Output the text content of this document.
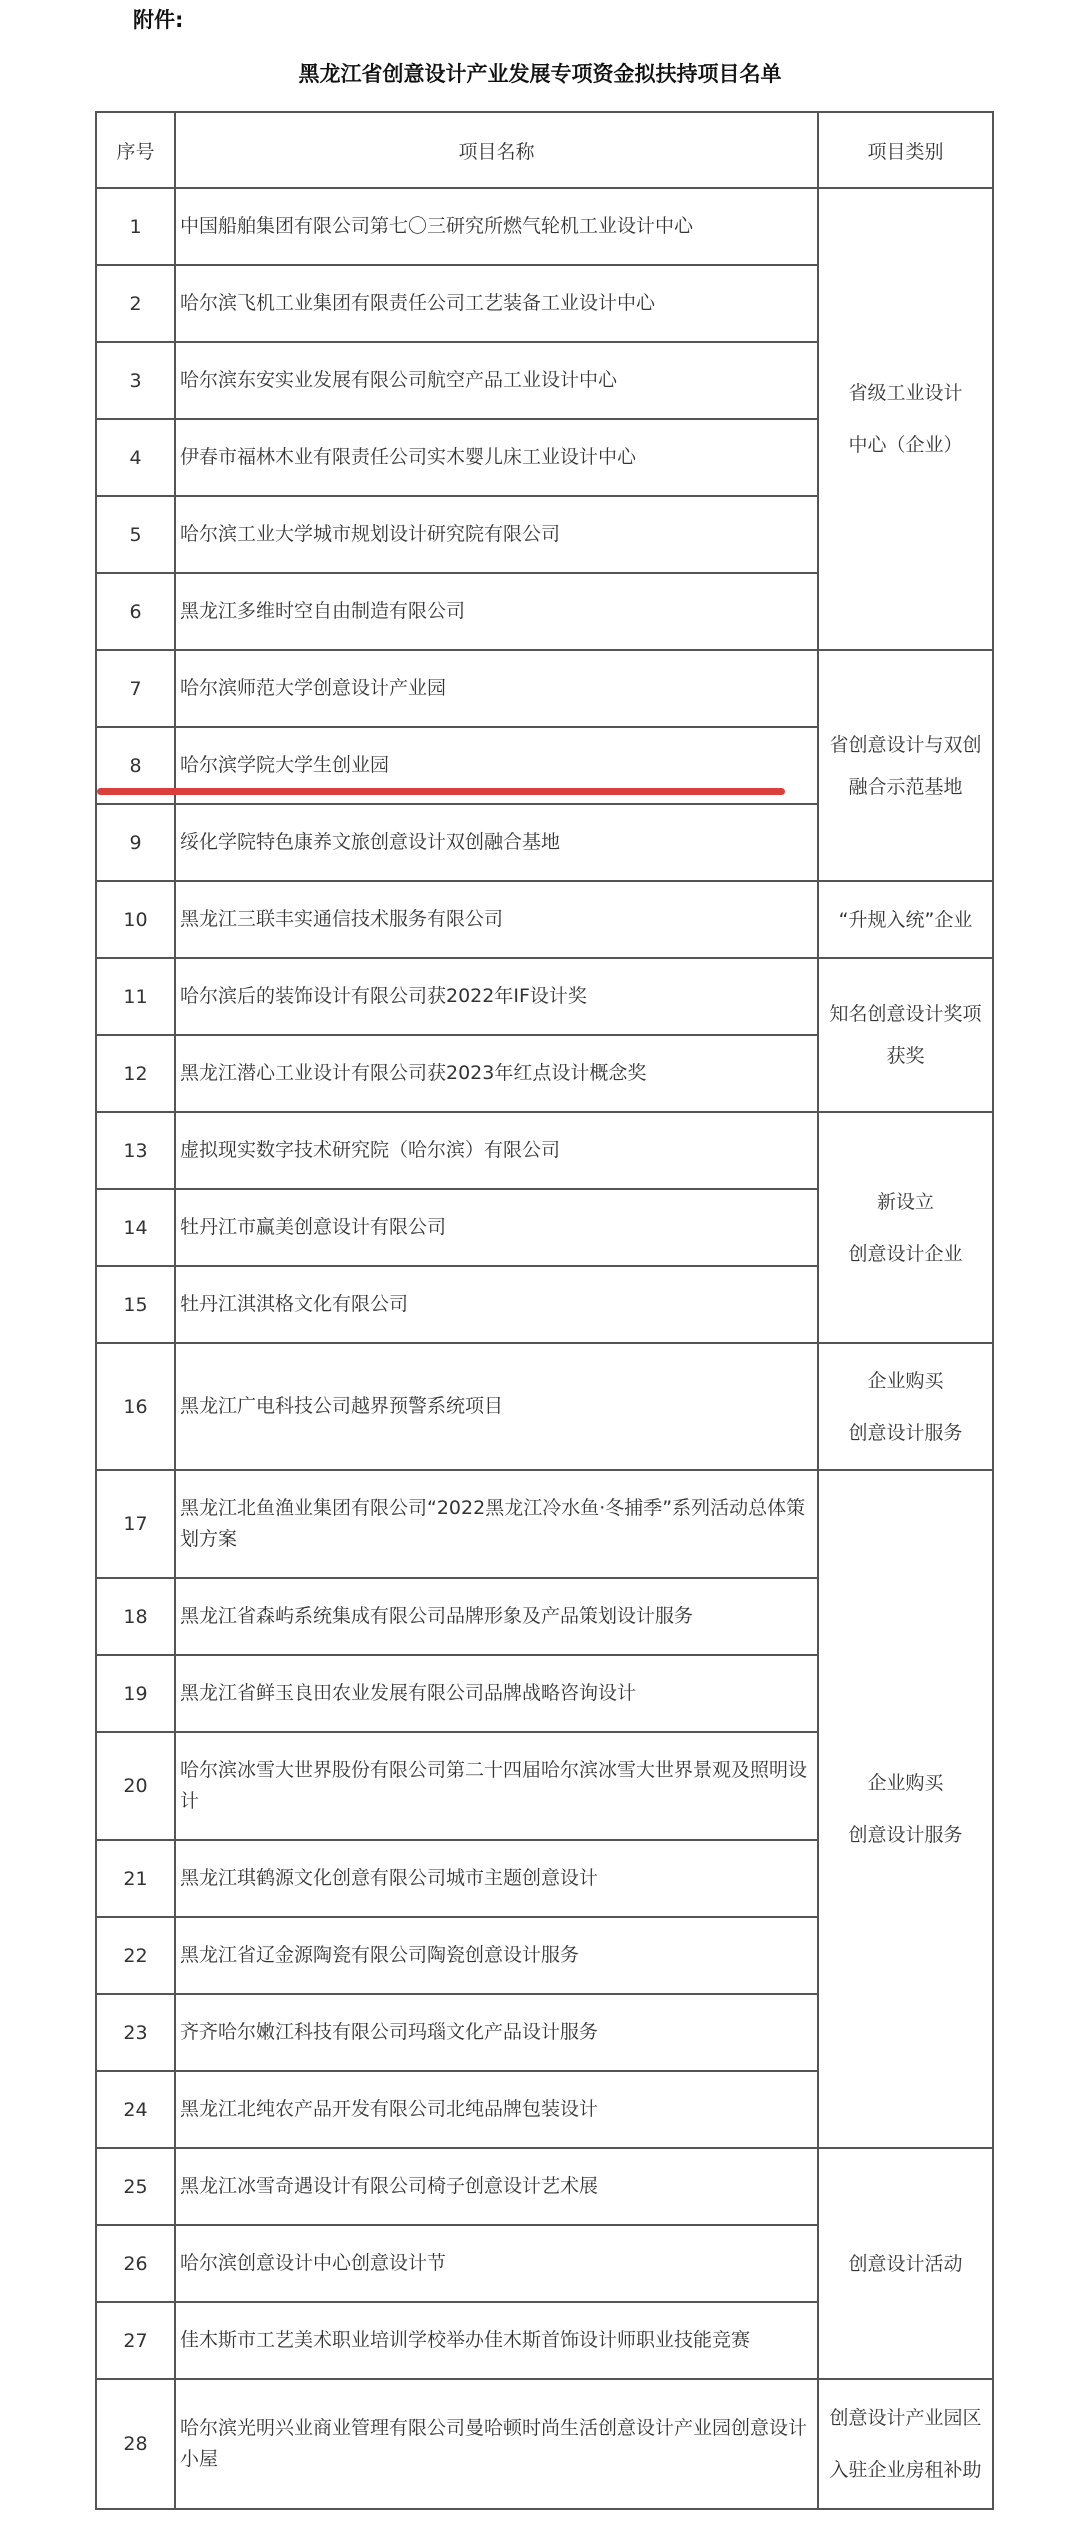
附件:
黑龙江省创意设计产业发展专项资金拟扶持项目名单
序号	项目名称	项目类别
1	中国船舶集团有限公司第七〇三研究所燃气轮机工业设计中心	省级工业设计
中心（企业）

2	哈尔滨飞机工业集团有限责任公司工艺装备工业设计中心	
3	哈尔滨东安实业发展有限公司航空产品工业设计中心	
4	伊春市福林木业有限责任公司实木婴儿床工业设计中心	
5	哈尔滨工业大学城市规划设计研究院有限公司	
6	黑龙江多维时空自由制造有限公司	
7	哈尔滨师范大学创意设计产业园	省创意设计与双创
融合示范基地

8	哈尔滨学院大学生创业园	
9	绥化学院特色康养文旅创意设计双创融合基地	
10	黑龙江三联丰实通信技术服务有限公司	“升规入统”企业

11	哈尔滨后的装饰设计有限公司获2022年IF设计奖	知名创意设计奖项
获奖

12	黑龙江潜心工业设计有限公司获2023年红点设计概念奖	
13	虚拟现实数字技术研究院（哈尔滨）有限公司	新设立
创意设计企业

14	牡丹江市赢美创意设计有限公司	
15	牡丹江淇淇格文化有限公司	
16	黑龙江广电科技公司越界预警系统项目	企业购买
创意设计服务

17	黑龙江北鱼渔业集团有限公司“2022黑龙江冷水鱼·冬捕季”系列活动总体策划方案	企业购买
创意设计服务

18	黑龙江省森屿系统集成有限公司品牌形象及产品策划设计服务	
19	黑龙江省鲜玉良田农业发展有限公司品牌战略咨询设计	
20	哈尔滨冰雪大世界股份有限公司第二十四届哈尔滨冰雪大世界景观及照明设计	
21	黑龙江琪鹤源文化创意有限公司城市主题创意设计	
22	黑龙江省辽金源陶瓷有限公司陶瓷创意设计服务	
23	齐齐哈尔嫩江科技有限公司玛瑙文化产品设计服务	
24	黑龙江北纯农产品开发有限公司北纯品牌包装设计	
25	黑龙江冰雪奇遇设计有限公司椅子创意设计艺术展	创意设计活动

26	哈尔滨创意设计中心创意设计节	
27	佳木斯市工艺美术职业培训学校举办佳木斯首饰设计师职业技能竞赛	
28	哈尔滨光明兴业商业管理有限公司曼哈顿时尚生活创意设计产业园创意设计小屋	创意设计产业园区
入驻企业房租补助
